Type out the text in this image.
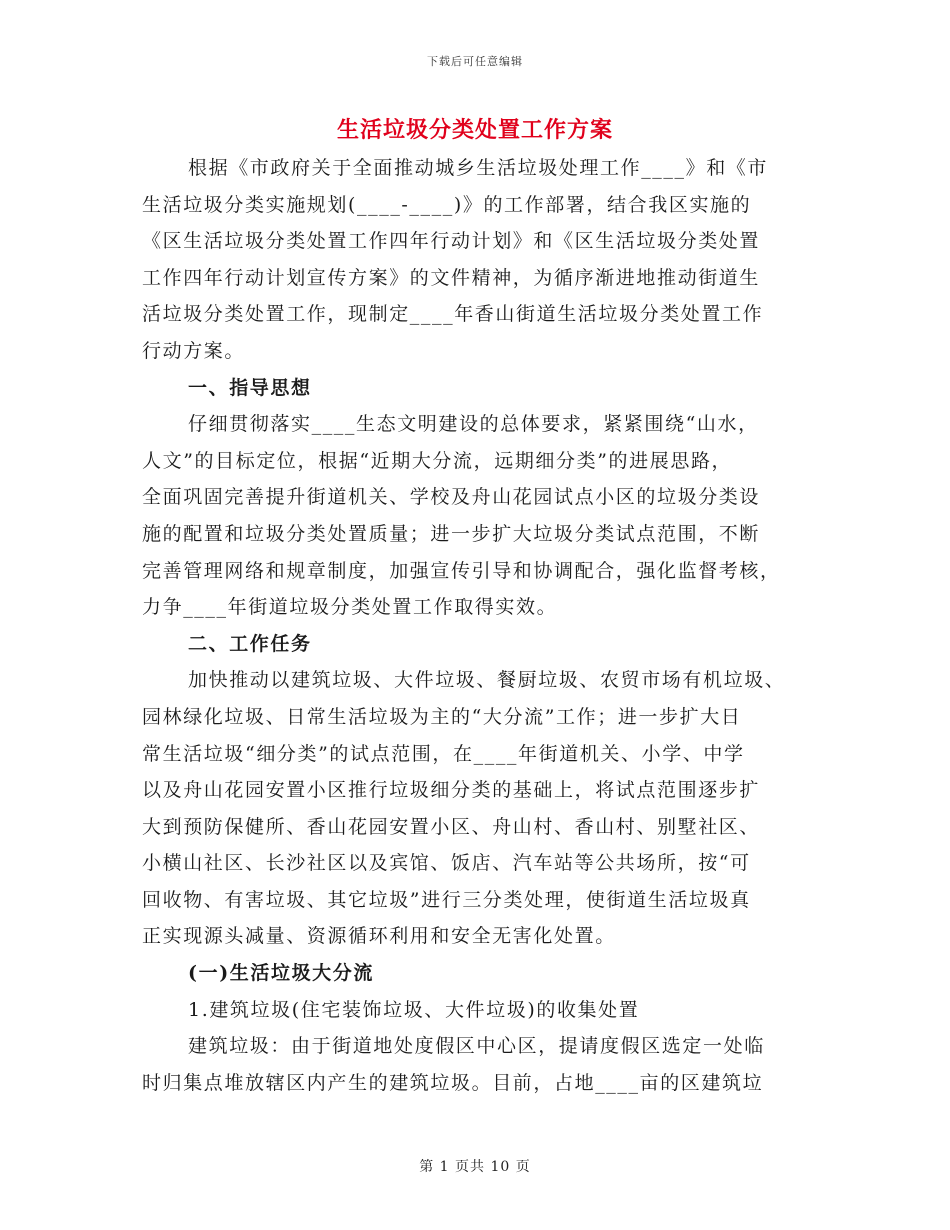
下载后可任意编辑
生活垃圾分类处置工作方案
根据《市政府关于全面推动城乡生活垃圾处理工作____》和《市
生活垃圾分类实施规划(____-____)》的工作部署，结合我区实施的
《区生活垃圾分类处置工作四年行动计划》和《区生活垃圾分类处置
工作四年行动计划宣传方案》的文件精神，为循序渐进地推动街道生
活垃圾分类处置工作，现制定____年香山街道生活垃圾分类处置工作
行动方案。
一、指导思想
仔细贯彻落实____生态文明建设的总体要求，紧紧围绕“山水，
人文”的目标定位，根据“近期大分流，远期细分类”的进展思路，
全面巩固完善提升街道机关、学校及舟山花园试点小区的垃圾分类设
施的配置和垃圾分类处置质量；进一步扩大垃圾分类试点范围，不断
完善管理网络和规章制度，加强宣传引导和协调配合，强化监督考核，
力争____年街道垃圾分类处置工作取得实效。
二、工作任务
加快推动以建筑垃圾、大件垃圾、餐厨垃圾、农贸市场有机垃圾、
园林绿化垃圾、日常生活垃圾为主的“大分流”工作；进一步扩大日
常生活垃圾“细分类”的试点范围，在____年街道机关、小学、中学
以及舟山花园安置小区推行垃圾细分类的基础上，将试点范围逐步扩
大到预防保健所、香山花园安置小区、舟山村、香山村、别墅社区、
小横山社区、长沙社区以及宾馆、饭店、汽车站等公共场所，按“可
回收物、有害垃圾、其它垃圾”进行三分类处理，使街道生活垃圾真
正实现源头减量、资源循环利用和安全无害化处置。
(一)生活垃圾大分流
1.建筑垃圾(住宅装饰垃圾、大件垃圾)的收集处置
建筑垃圾：由于街道地处度假区中心区，提请度假区选定一处临
时归集点堆放辖区内产生的建筑垃圾。目前，占地____亩的区建筑垃
第 1 页共 10 页
